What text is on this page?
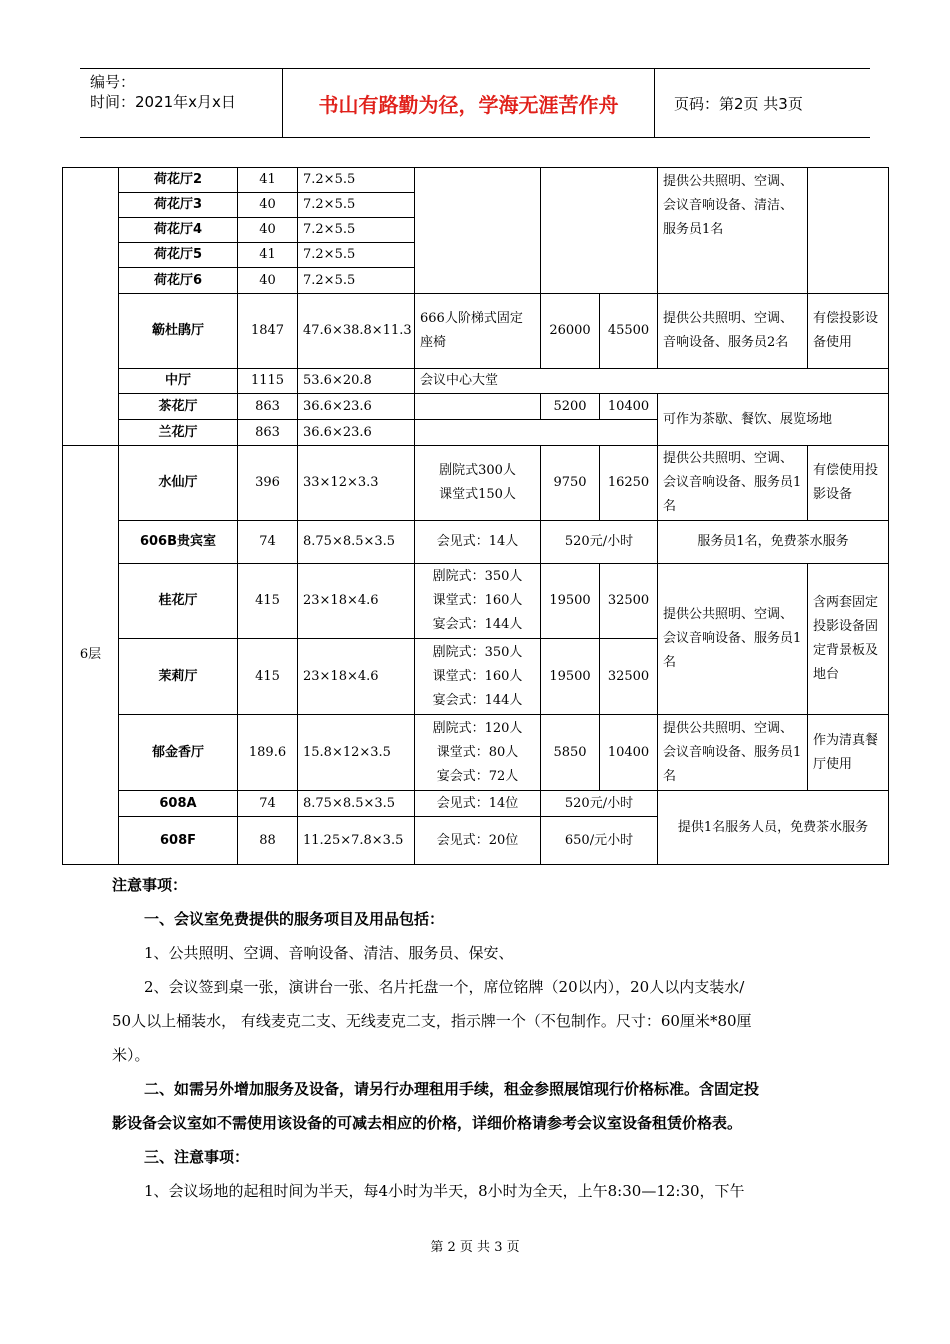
编号：
时间：2021年x月x日	书山有路勤为径，学海无涯苦作舟	页码：第2页 共3页
	荷花厅2	41	7.2×5.5				提供公共照明、空调、会议音响设备、清洁、服务员1名	
	荷花厅3	40	7.2×5.5					
	荷花厅4	40	7.2×5.5					
	荷花厅5	41	7.2×5.5					
	荷花厅6	40	7.2×5.5					
	簕杜鹃厅	1847	47.6×38.8×11.3	666人阶梯式固定座椅	26000	45500	提供公共照明、空调、音响设备、服务员2名	有偿投影设备使用
	中厅	1115	53.6×20.8	会议中心大堂				
	茶花厅	863	36.6×23.6		5200	10400	可作为茶歇、餐饮、展览场地	
	兰花厅	863	36.6×23.6					
6层	水仙厅	396	33×12×3.3	剧院式300人
课堂式150人	9750	16250	提供公共照明、空调、会议音响设备、服务员1名	有偿使用投影设备
	606B贵宾室	74	8.75×8.5×3.5	会见式：14人	520元/小时		服务员1名，免费茶水服务	
	桂花厅	415	23×18×4.6	剧院式：350人
课堂式：160人
宴会式：144人	19500	32500	提供公共照明、空调、会议音响设备、服务员1名	含两套固定投影设备固定背景板及地台
	茉莉厅	415	23×18×4.6	剧院式：350人
课堂式：160人
宴会式：144人	19500	32500		
	郁金香厅	189.6	15.8×12×3.5	剧院式：120人
课堂式：80人
宴会式：72人	5850	10400	提供公共照明、空调、会议音响设备、服务员1名	作为清真餐厅使用
	608A	74	8.75×8.5×3.5	会见式：14位	520元/小时		提供1名服务人员，免费茶水服务	
	608F	88	11.25×7.8×3.5	会见式：20位	650/元小时			

注意事项：

一、会议室免费提供的服务项目及用品包括：

1、公共照明、空调、音响设备、清洁、服务员、保安、

2、会议签到桌一张，演讲台一张、名片托盘一个，席位铭牌（20以内），20人以内支装水/

50人以上桶装水， 有线麦克二支、无线麦克二支，指示牌一个（不包制作。尺寸：60厘米*80厘

米）。

二、如需另外增加服务及设备，请另行办理租用手续，租金参照展馆现行价格标准。含固定投

影设备会议室如不需使用该设备的可减去相应的价格，详细价格请参考会议室设备租赁价格表。

三、注意事项：

1、会议场地的起租时间为半天，每4小时为半天，8小时为全天，上午8:30—12:30，下午

第 2 页 共 3 页
